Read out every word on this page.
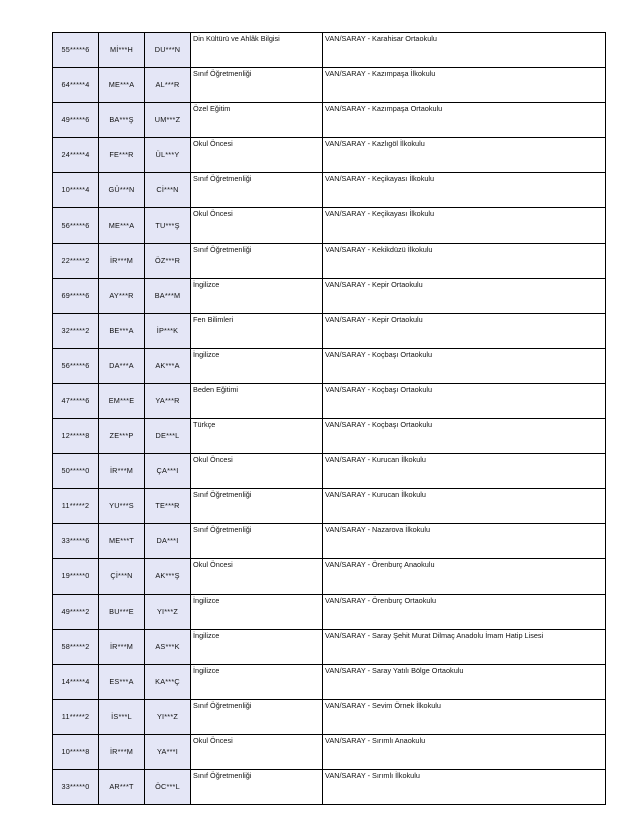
55*****6	Mİ***H	DU***N	Din Kültürü ve Ahlâk Bilgisi	VAN/SARAY - Karahisar Ortaokulu
64*****4	ME***A	AL***R	Sınıf Öğretmenliği	VAN/SARAY - Kazımpaşa İlkokulu
49*****6	BA***Ş	UM***Z	Özel Eğitim	VAN/SARAY - Kazımpaşa Ortaokulu
24*****4	FE***R	ÜL***Y	Okul Öncesi	VAN/SARAY - Kazlıgöl İlkokulu
10*****4	GÜ***N	Cİ***N	Sınıf Öğretmenliği	VAN/SARAY - Keçikayası İlkokulu
56*****6	ME***A	TU***Ş	Okul Öncesi	VAN/SARAY - Keçikayası İlkokulu
22*****2	İR***M	ÖZ***R	Sınıf Öğretmenliği	VAN/SARAY - Kekikdüzü İlkokulu
69*****6	AY***R	BA***M	İngilizce	VAN/SARAY - Kepir Ortaokulu
32*****2	BE***A	İP***K	Fen Bilimleri	VAN/SARAY - Kepir Ortaokulu
56*****6	DA***A	AK***A	İngilizce	VAN/SARAY - Koçbaşı Ortaokulu
47*****6	EM***E	YA***R	Beden Eğitimi	VAN/SARAY - Koçbaşı Ortaokulu
12*****8	ZE***P	DE***L	Türkçe	VAN/SARAY - Koçbaşı Ortaokulu
50*****0	İR***M	ÇA***I	Okul Öncesi	VAN/SARAY - Kurucan İlkokulu
11*****2	YU***S	TE***R	Sınıf Öğretmenliği	VAN/SARAY - Kurucan İlkokulu
33*****6	ME***T	DA***I	Sınıf Öğretmenliği	VAN/SARAY - Nazarova İlkokulu
19*****0	Çİ***N	AK***Ş	Okul Öncesi	VAN/SARAY - Örenburç Anaokulu
49*****2	BU***E	YI***Z	İngilizce	VAN/SARAY - Örenburç Ortaokulu
58*****2	İR***M	AS***K	İngilizce	VAN/SARAY - Saray Şehit Murat Dilmaç Anadolu İmam Hatip Lisesi
14*****4	ES***A	KA***Ç	İngilizce	VAN/SARAY - Saray Yatılı Bölge Ortaokulu
11*****2	İS***L	YI***Z	Sınıf Öğretmenliği	VAN/SARAY - Sevim Örnek İlkokulu
10*****8	İR***M	YA***I	Okul Öncesi	VAN/SARAY - Sırımlı Anaokulu
33*****0	AR***T	ÖC***L	Sınıf Öğretmenliği	VAN/SARAY - Sırımlı İlkokulu
